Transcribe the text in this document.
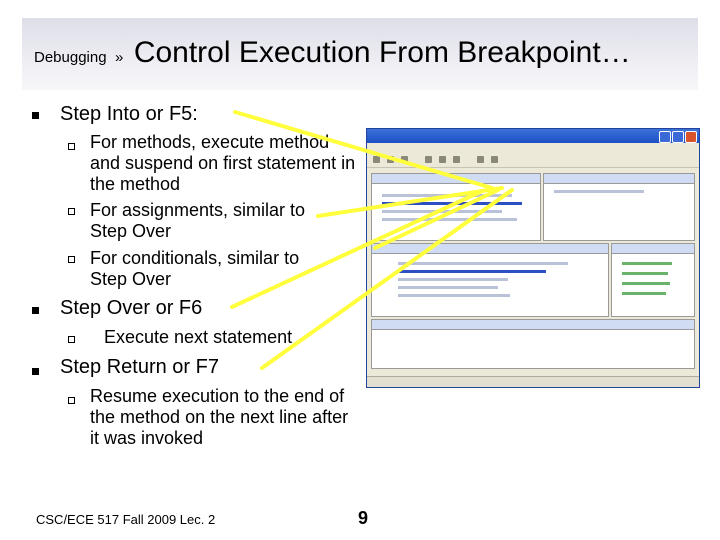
Debugging » Control Execution From Breakpoint…
Step Into or F5:
For methods, execute method and suspend on first statement in the method
For assignments, similar to Step Over
For conditionals, similar to Step Over
Step Over or F6
Execute next statement
Step Return or F7
Resume execution to the end of the method on the next line after it was invoked
CSC/ECE 517 Fall 2009 Lec. 2	9
